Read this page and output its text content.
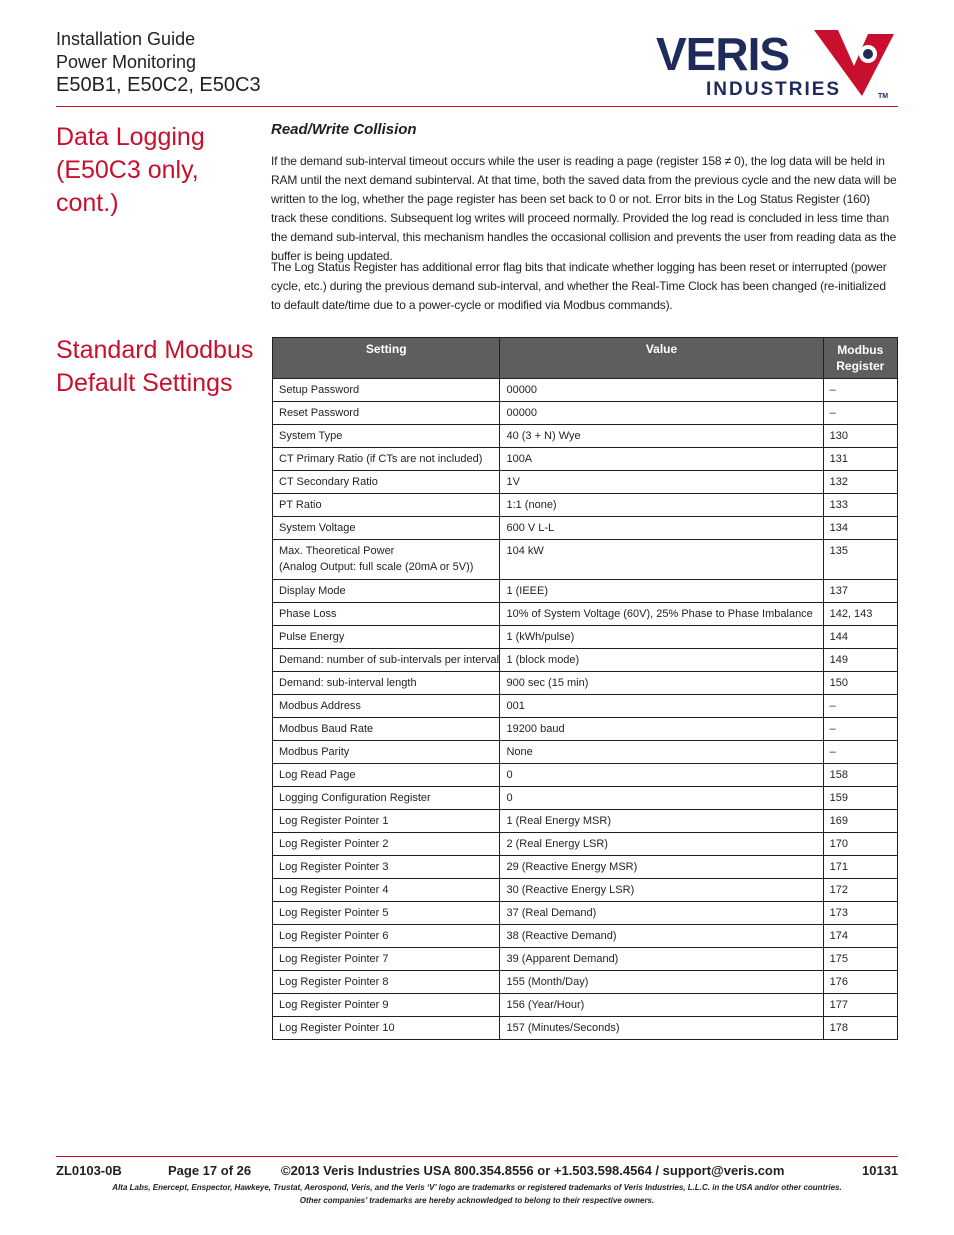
Installation Guide
Power Monitoring
E50B1, E50C2, E50C3
VERIS
INDUSTRIES	TM
Data Logging
(E50C3 only,
cont.)
Standard Modbus
Default Settings
Read/Write Collision
If the demand sub-interval timeout occurs while the user is reading a page (register 158 ≠ 0), the log data will be held in RAM until the next demand subinterval. At that time, both the saved data from the previous cycle and the new data will be written to the log, whether the page register has been set back to 0 or not. Error bits in the Log Status Register (160) track these conditions. Subsequent log writes will proceed normally. Provided the log read is concluded in less time than the demand sub-interval, this mechanism handles the occasional collision and prevents the user from reading data as the buffer is being updated.
The Log Status Register has additional error flag bits that indicate whether logging has been reset or interrupted (power cycle, etc.) during the previous demand sub-interval, and whether the Real-Time Clock has been changed (re-initialized to default date/time due to a power-cycle or modified via Modbus commands).
Setting	Value	Modbus Register

Setup Password	00000	–

Reset Password	00000	–

System Type	40 (3 + N) Wye	130

CT Primary Ratio (if CTs are not included)	100A	131

CT Secondary Ratio	1V	132

PT Ratio	1:1 (none)	133

System Voltage	600 V L-L	134

Max. Theoretical Power
(Analog Output: full scale (20mA or 5V))	104 kW	135

Display Mode	1 (IEEE)	137

Phase Loss	10% of System Voltage (60V), 25% Phase to Phase Imbalance	142, 143

Pulse Energy	1 (kWh/pulse)	144

Demand: number of sub-intervals per interval	1 (block mode)	149

Demand: sub-interval length	900 sec (15 min)	150

Modbus Address	001	–

Modbus Baud Rate	19200 baud	–

Modbus Parity	None	–

Log Read Page	0	158

Logging Configuration Register	0	159

Log Register Pointer 1	1 (Real Energy MSR)	169

Log Register Pointer 2	2 (Real Energy LSR)	170

Log Register Pointer 3	29 (Reactive Energy MSR)	171

Log Register Pointer 4	30 (Reactive Energy LSR)	172

Log Register Pointer 5	37 (Real Demand)	173

Log Register Pointer 6	38 (Reactive Demand)	174

Log Register Pointer 7	39 (Apparent Demand)	175

Log Register Pointer 8	155 (Month/Day)	176

Log Register Pointer 9	156 (Year/Hour)	177

Log Register Pointer 10	157 (Minutes/Seconds)	178
ZL0103-0B	Page 17 of 26 ©2013 Veris Industries USA 800.354.8556 or +1.503.598.4564 / support@veris.com	10131
Alta Labs, Enercept, Enspector, Hawkeye, Trustat, Aerospond, Veris, and the Veris ‘V’ logo are trademarks or registered trademarks of Veris Industries, L.L.C. in the USA and/or other countries.
Other companies’ trademarks are hereby acknowledged to belong to their respective owners.
